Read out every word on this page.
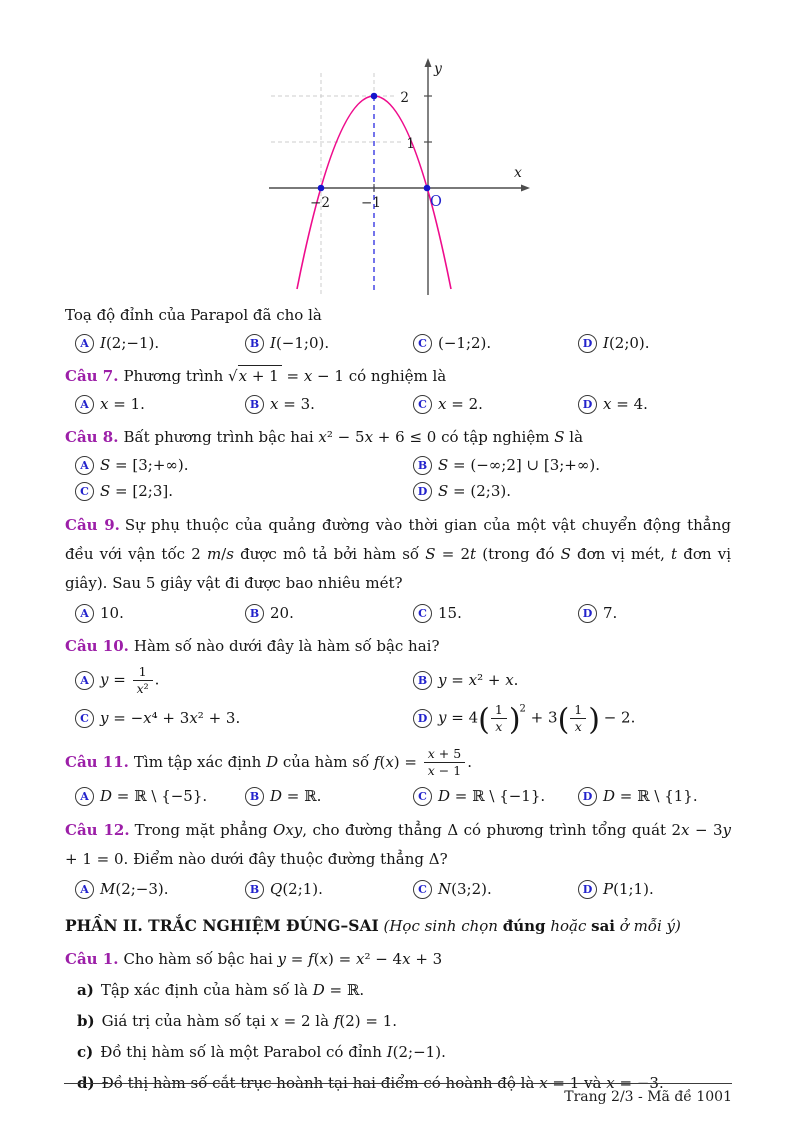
x
y
2
1
−2 −1	O

Toạ độ đỉnh của Parapol đã cho là

A I(2;−1).	B I(−1;0).	C (−1;2).	D I(2;0).

Câu 7. Phương trình √x + 1 = x − 1 có nghiệm là

A x = 1.	B x = 3.	C x = 2.	D x = 4.

Câu 8. Bất phương trình bậc hai x² − 5x + 6 ≤ 0 có tập nghiệm S là

A S = [3;+∞).	B S = (−∞;2] ∪ [3;+∞).
C S = [2;3].	D S = (2;3).

Câu 9. Sự phụ thuộc của quảng đường vào thời gian của một vật chuyển động thẳng đều với vận tốc 2 m/s được mô tả bởi hàm số S = 2t (trong đó S đơn vị mét, t đơn vị giây). Sau 5 giây vật đi được bao nhiêu mét?

A 10.	B 20.	C 15.	D 7.

Câu 10. Hàm số nào dưới đây là hàm số bậc hai?

A $y = \frac{1}{\text{x²}}$ .	B y = x² + x.
C y = −x⁴ + 3x² + 3.	D $y = 4( \frac{1}{x} )^2 + 3( \frac{1}{x}$ ) − 2.

Câu 11. Tìm tập xác định D của hàm số $f(x) = \frac{x + 5}{x - 1}$ .

A D = ℝ \ {−5}.	B D = ℝ.	C D = ℝ \ {−1}.	D D = ℝ \ {1}.

Câu 12. Trong mặt phẳng Oxy, cho đường thẳng Δ có phương trình tổng quát 2x − 3y + 1 = 0. Điểm nào dưới đây thuộc đường thẳng Δ?

A M(2;−3).	B Q(2;1).	C N(3;2).	D P(1;1).

PHẦN II. TRẮC NGHIỆM ĐÚNG–SAI (Học sinh chọn đúng hoặc sai ở mỗi ý)

Câu 1. Cho hàm số bậc hai y = f(x) = x² − 4x + 3

a) Tập xác định của hàm số là D = ℝ.

b) Giá trị của hàm số tại x = 2 là f(2) = 1.

c) Đồ thị hàm số là một Parabol có đỉnh I(2;−1).

d) Đồ thị hàm số cắt trục hoành tại hai điểm có hoành độ là x = 1 và x = −3.

Trang 2/3 - Mã đề 1001
